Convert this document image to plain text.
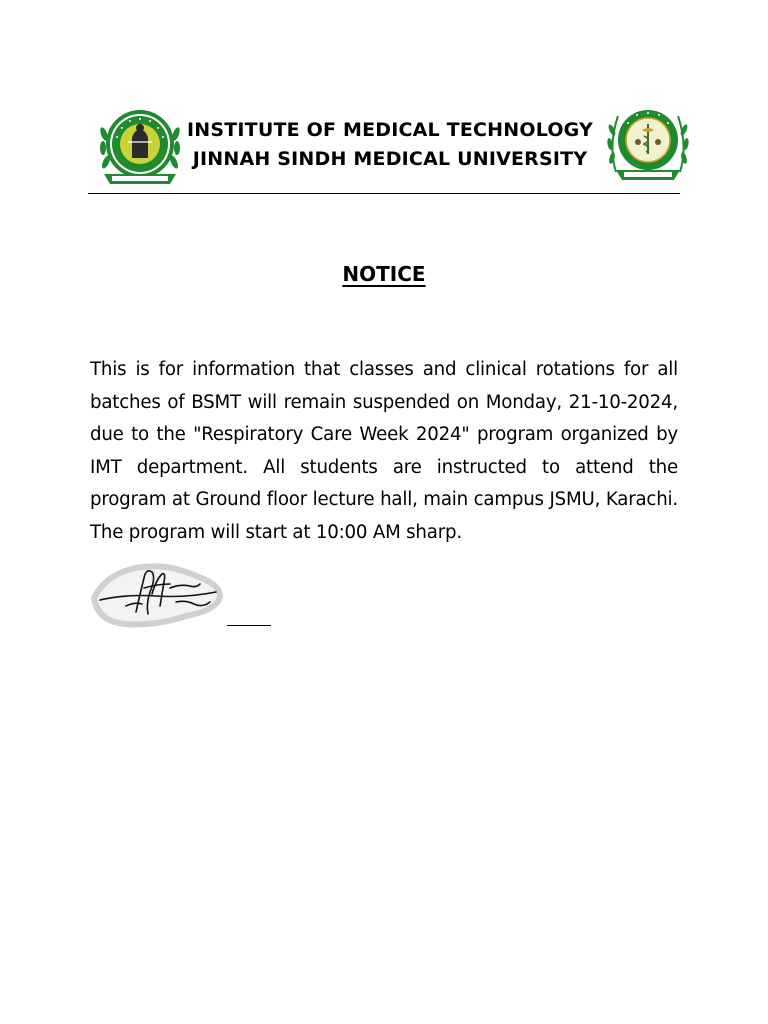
INSTITUTE OF MEDICAL TECHNOLOGY
JINNAH SINDH MEDICAL UNIVERSITY
NOTICE

This is for information that classes and clinical rotations for all batches of BSMT will remain suspended on Monday, 21-10-2024, due to the "Respiratory Care Week 2024" program organized by IMT department. All students are instructed to attend the program at Ground floor lecture hall, main campus JSMU, Karachi. The program will start at 10:00 AM sharp.
